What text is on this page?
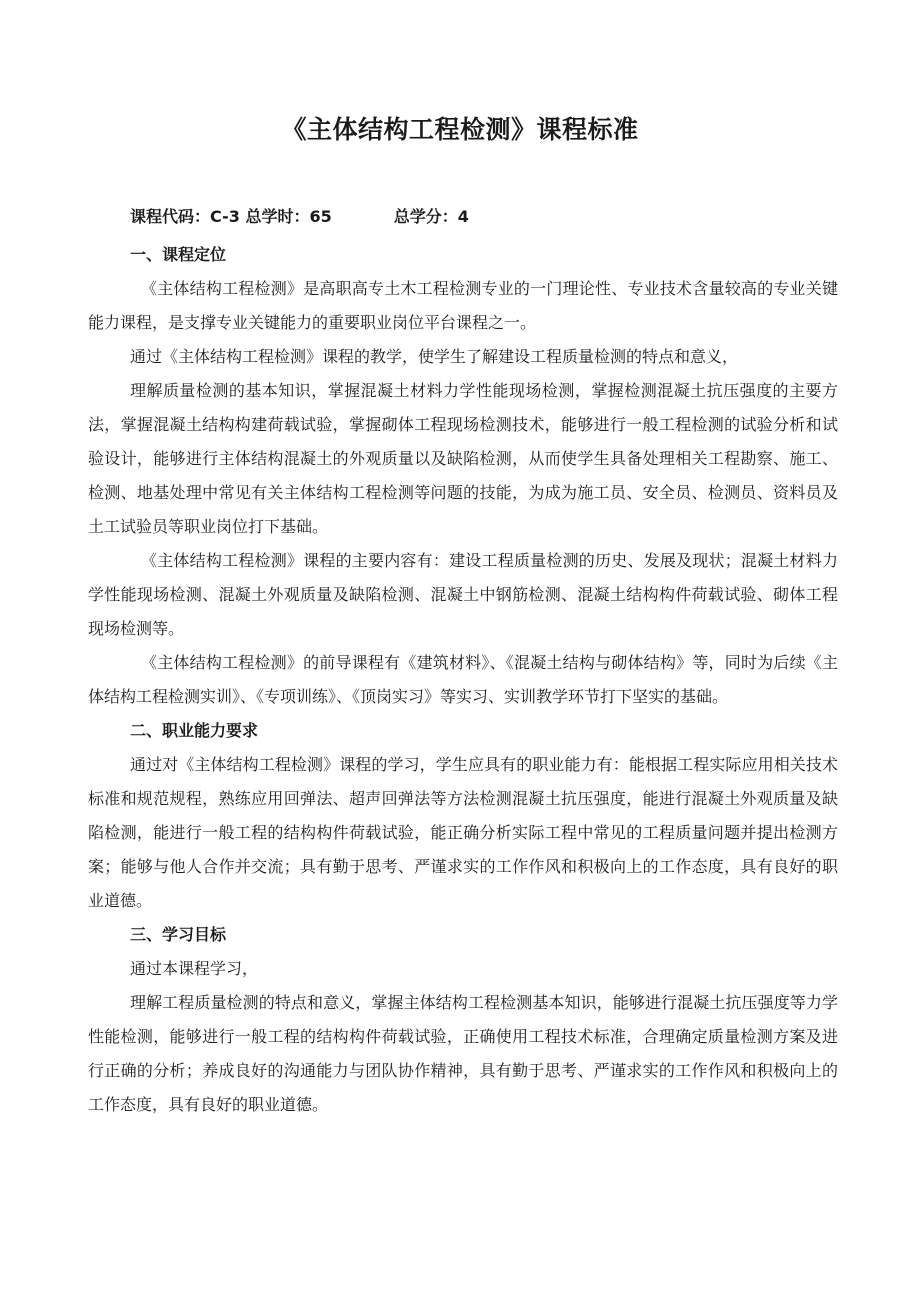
《主体结构工程检测》课程标准
课程代码：C-3 总学时：65	总学分：4
一、课程定位

《主体结构工程检测》是高职高专土木工程检测专业的一门理论性、专业技术含量较高的专业关键能力课程，是支撑专业关键能力的重要职业岗位平台课程之一。

通过《主体结构工程检测》课程的教学，使学生了解建设工程质量检测的特点和意义，

理解质量检测的基本知识，掌握混凝土材料力学性能现场检测，掌握检测混凝土抗压强度的主要方法，掌握混凝土结构构建荷载试验，掌握砌体工程现场检测技术，能够进行一般工程检测的试验分析和试验设计，能够进行主体结构混凝土的外观质量以及缺陷检测，从而使学生具备处理相关工程勘察、施工、检测、地基处理中常见有关主体结构工程检测等问题的技能，为成为施工员、安全员、检测员、资料员及土工试验员等职业岗位打下基础。

《主体结构工程检测》课程的主要内容有：建设工程质量检测的历史、发展及现状；混凝土材料力学性能现场检测、混凝土外观质量及缺陷检测、混凝土中钢筋检测、混凝土结构构件荷载试验、砌体工程现场检测等。

《主体结构工程检测》的前导课程有《建筑材料》、《混凝土结构与砌体结构》等，同时为后续《主体结构工程检测实训》、《专项训练》、《顶岗实习》等实习、实训教学环节打下坚实的基础。

二、职业能力要求

通过对《主体结构工程检测》课程的学习，学生应具有的职业能力有：能根据工程实际应用相关技术标准和规范规程，熟练应用回弹法、超声回弹法等方法检测混凝土抗压强度，能进行混凝土外观质量及缺陷检测，能进行一般工程的结构构件荷载试验，能正确分析实际工程中常见的工程质量问题并提出检测方案；能够与他人合作并交流；具有勤于思考、严谨求实的工作作风和积极向上的工作态度，具有良好的职业道德。

三、学习目标

通过本课程学习，

理解工程质量检测的特点和意义，掌握主体结构工程检测基本知识，能够进行混凝土抗压强度等力学性能检测，能够进行一般工程的结构构件荷载试验，正确使用工程技术标准，合理确定质量检测方案及进行正确的分析；养成良好的沟通能力与团队协作精神，具有勤于思考、严谨求实的工作作风和积极向上的工作态度，具有良好的职业道德。
